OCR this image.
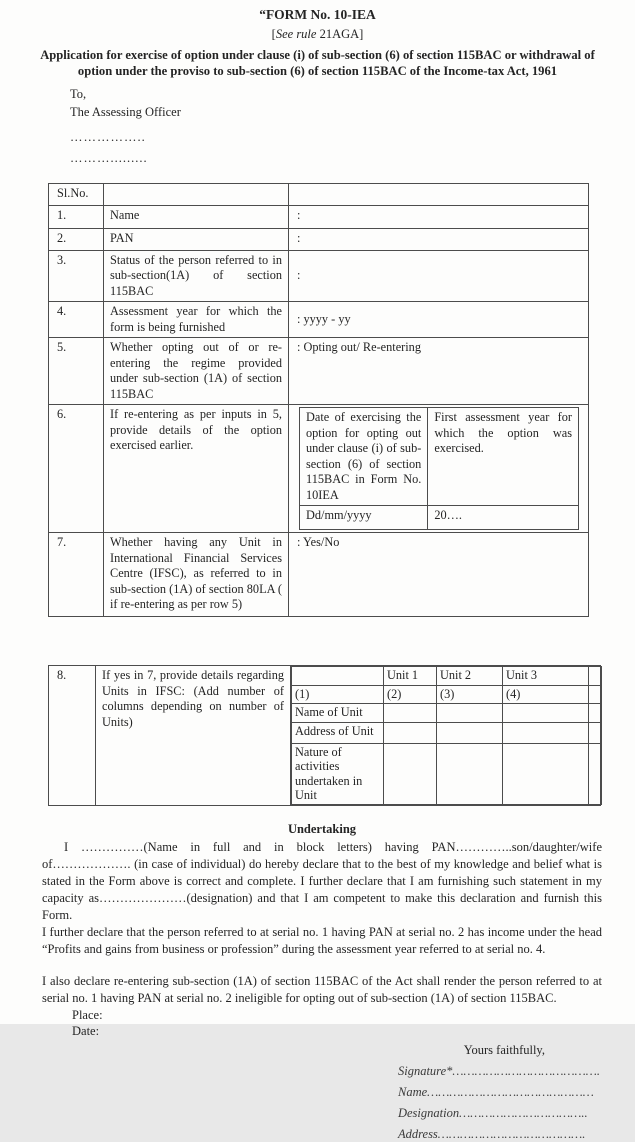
“FORM No. 10-IEA
[See rule 21AGA]
Application for exercise of option under clause (i) of sub-section (6) of section 115BAC or withdrawal of option under the proviso to sub-section (6) of section 115BAC of the Income-tax Act, 1961
To,
The Assessing Officer
……………..
……….........
Sl.No.		
1.	Name	:
2.	PAN	:
3.	Status of the person referred to in sub-section(1A) of section 115BAC	:
4.	Assessment year for which the form is being furnished	: yyyy - yy
5.	Whether opting out of or re-entering the regime provided under sub-section (1A) of section 115BAC	: Opting out/ Re-entering
6.	If re-entering as per inputs in 5, provide details of the option exercised earlier.	
Date of exercising the option for opting out under clause (i) of sub-section (6) of section 115BAC in Form No. 10IEA	First assessment year for which the option was exercised.
Dd/mm/yyyy	20….

7.	Whether having any Unit in International Financial Services Centre (IFSC), as referred to in sub-section (1A) of section 80LA ( if re-entering as per row 5)	: Yes/No
8.	If yes in 7, provide details regarding Units in IFSC: (Add number of columns depending on number of Units)	
	Unit 1	Unit 2	Unit 3	
(1)	(2)	(3)	(4)	
Name of Unit				
Address of Unit				
Nature of activities undertaken in Unit				
Undertaking
I ……………(Name in full and in block letters) having PAN…………..son/daughter/wife of………………. (in case of individual) do hereby declare that to the best of my knowledge and belief what is stated in the Form above is correct and complete. I further declare that I am furnishing such statement in my capacity as…………………(designation) and that I am competent to make this declaration and furnish this Form.
I further declare that the person referred to at serial no. 1 having PAN at serial no. 2 has income under the head “Profits and gains from business or profession” during the assessment year referred to at serial no. 4.
I also declare re-entering sub-section (1A) of section 115BAC of the Act shall render the person referred to at serial no. 1 having PAN at serial no. 2 ineligible for opting out of sub-section (1A) of section 115BAC.
Place:
Date:
Yours faithfully,
Signature*………………………………….
Name………………………………………
Designation……………………………..
Address………………………………….
